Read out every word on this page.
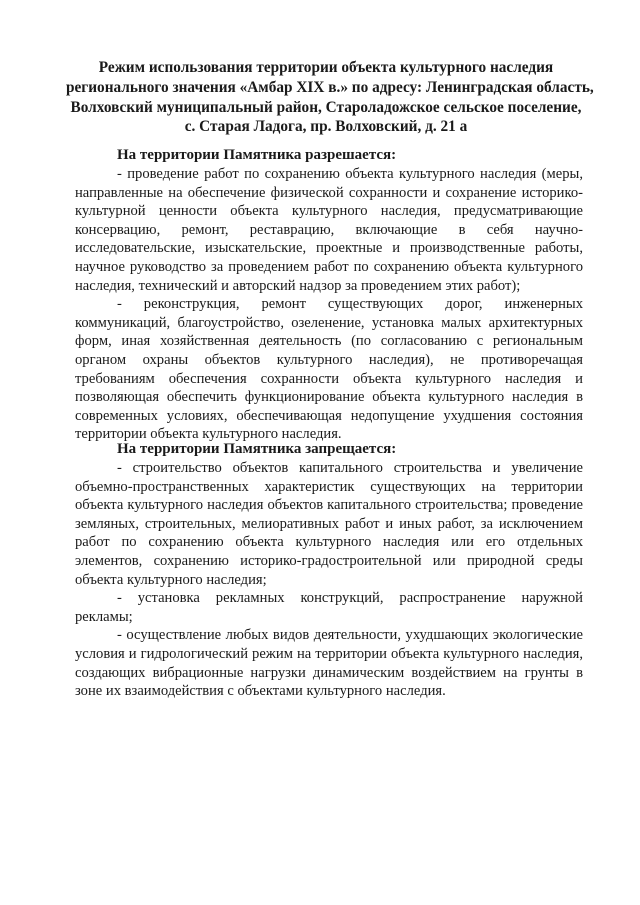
Режим использования территории объекта культурного наследия
регионального значения «Амбар XIX в.» по адресу: Ленинградская область,
Волховский муниципальный район, Староладожское сельское поселение,
с. Старая Ладога, пр. Волховский, д. 21 а
На территории Памятника разрешается:

- проведение работ по сохранению объекта культурного наследия (меры, направленные на обеспечение физической сохранности и сохранение историко-культурной ценности объекта культурного наследия, предусматривающие консервацию, ремонт, реставрацию, включающие в себя научно-исследовательские, изыскательские, проектные и производственные работы, научное руководство за проведением работ по сохранению объекта культурного наследия, технический и авторский надзор за проведением этих работ);

- реконструкция, ремонт существующих дорог, инженерных коммуникаций, благоустройство, озеленение, установка малых архитектурных форм, иная хозяйственная деятельность (по согласованию с региональным органом охраны объектов культурного наследия), не противоречащая требованиям обеспечения сохранности объекта культурного наследия и позволяющая обеспечить функционирование объекта культурного наследия в современных условиях, обеспечивающая недопущение ухудшения состояния территории объекта культурного наследия.

На территории Памятника запрещается:

- строительство объектов капитального строительства и увеличение объемно-пространственных характеристик существующих на территории объекта культурного наследия объектов капитального строительства; проведение земляных, строительных, мелиоративных работ и иных работ, за исключением работ по сохранению объекта культурного наследия или его отдельных элементов, сохранению историко-градостроительной или природной среды объекта культурного наследия;

- установка рекламных конструкций, распространение наружной рекламы;

- осуществление любых видов деятельности, ухудшающих экологические условия и гидрологический режим на территории объекта культурного наследия, создающих вибрационные нагрузки динамическим воздействием на грунты в зоне их взаимодействия с объектами культурного наследия.
